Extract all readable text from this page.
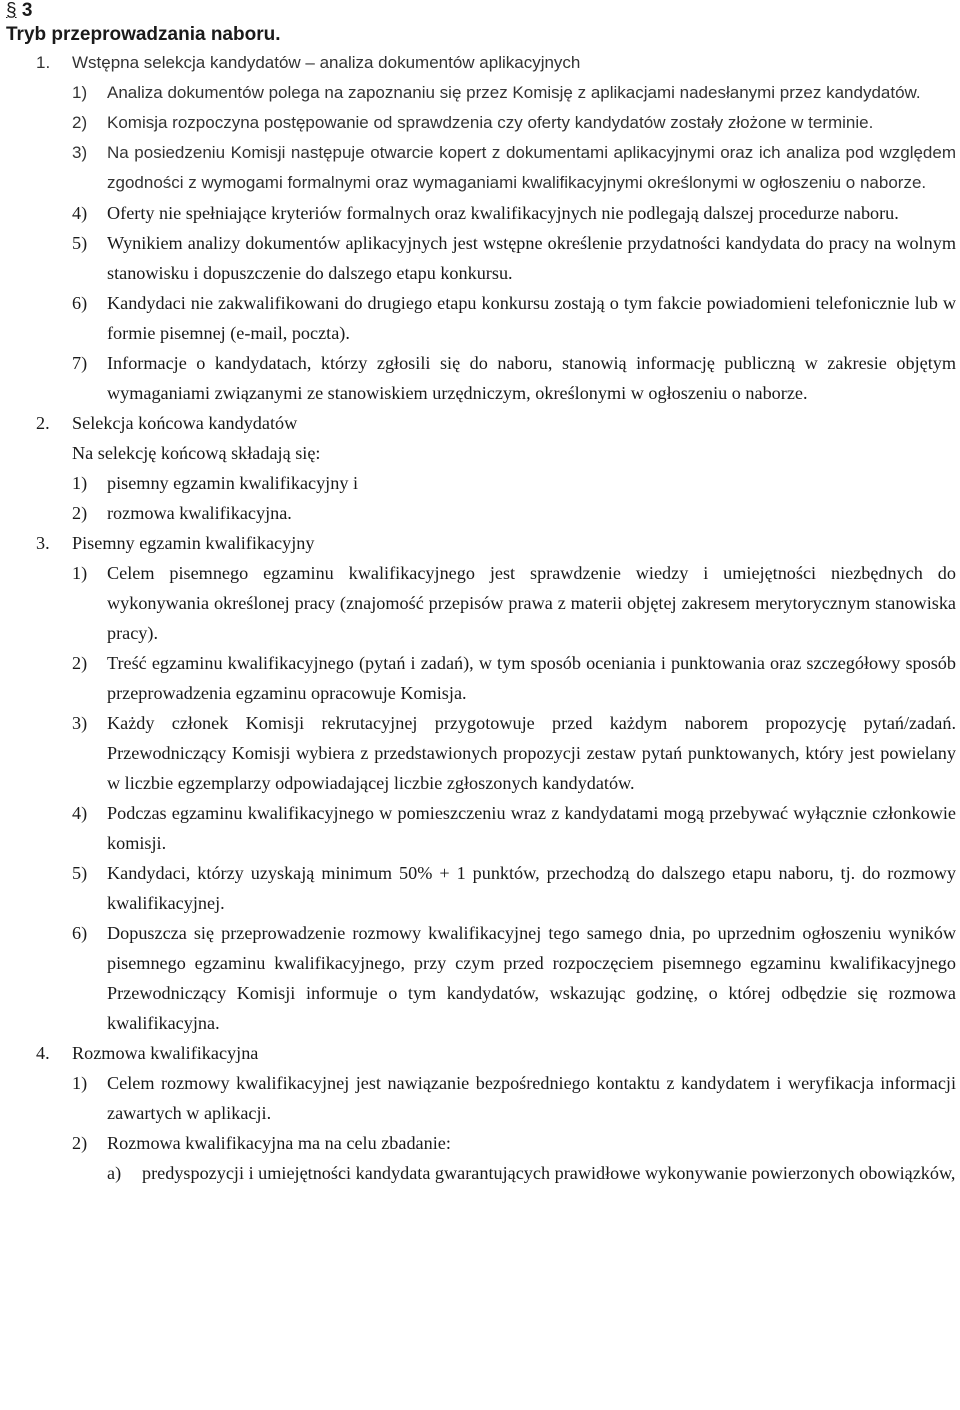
§ 3
Tryb przeprowadzania naboru.
1. Wstępna selekcja kandydatów – analiza dokumentów aplikacyjnych
1) Analiza dokumentów polega na zapoznaniu się przez Komisję z aplikacjami nadesłanymi przez kandydatów.
2) Komisja rozpoczyna postępowanie od sprawdzenia czy oferty kandydatów zostały złożone w terminie.
3) Na posiedzeniu Komisji następuje otwarcie kopert z dokumentami aplikacyjnymi oraz ich analiza pod względem zgodności z wymogami formalnymi oraz wymaganiami kwalifikacyjnymi określonymi w ogłoszeniu o naborze.
4) Oferty nie spełniające kryteriów formalnych oraz kwalifikacyjnych nie podlegają dalszej procedurze naboru.
5) Wynikiem analizy dokumentów aplikacyjnych jest wstępne określenie przydatności kandydata do pracy na wolnym stanowisku i dopuszczenie do dalszego etapu konkursu.
6) Kandydaci nie zakwalifikowani do drugiego etapu konkursu zostają o tym fakcie powiadomieni telefonicznie lub w formie pisemnej (e-mail, poczta).
7) Informacje o kandydatach, którzy zgłosili się do naboru, stanowią informację publiczną w zakresie objętym wymaganiami związanymi ze stanowiskiem urzędniczym, określonymi w ogłoszeniu o naborze.
2. Selekcja końcowa kandydatów
Na selekcję końcową składają się:
1) pisemny egzamin kwalifikacyjny i
2) rozmowa kwalifikacyjna.
3. Pisemny egzamin kwalifikacyjny
1) Celem pisemnego egzaminu kwalifikacyjnego jest sprawdzenie wiedzy i umiejętności niezbędnych do wykonywania określonej pracy (znajomość przepisów prawa z materii objętej zakresem merytorycznym stanowiska pracy).
2) Treść egzaminu kwalifikacyjnego (pytań i zadań), w tym sposób oceniania i punktowania oraz szczegółowy sposób przeprowadzenia egzaminu opracowuje Komisja.
3) Każdy członek Komisji rekrutacyjnej przygotowuje przed każdym naborem propozycję pytań/zadań. Przewodniczący Komisji wybiera z przedstawionych propozycji zestaw pytań punktowanych, który jest powielany w liczbie egzemplarzy odpowiadającej liczbie zgłoszonych kandydatów.
4) Podczas egzaminu kwalifikacyjnego w pomieszczeniu wraz z kandydatami mogą przebywać wyłącznie członkowie komisji.
5) Kandydaci, którzy uzyskają minimum 50% + 1 punktów, przechodzą do dalszego etapu naboru, tj. do rozmowy kwalifikacyjnej.
6) Dopuszcza się przeprowadzenie rozmowy kwalifikacyjnej tego samego dnia, po uprzednim ogłoszeniu wyników pisemnego egzaminu kwalifikacyjnego, przy czym przed rozpoczęciem pisemnego egzaminu kwalifikacyjnego Przewodniczący Komisji informuje o tym kandydatów, wskazując godzinę, o której odbędzie się rozmowa kwalifikacyjna.
4. Rozmowa kwalifikacyjna
1) Celem rozmowy kwalifikacyjnej jest nawiązanie bezpośredniego kontaktu z kandydatem i weryfikacja informacji zawartych w aplikacji.
2) Rozmowa kwalifikacyjna ma na celu zbadanie:
a) predyspozycji i umiejętności kandydata gwarantujących prawidłowe wykonywanie powierzonych obowiązków,
